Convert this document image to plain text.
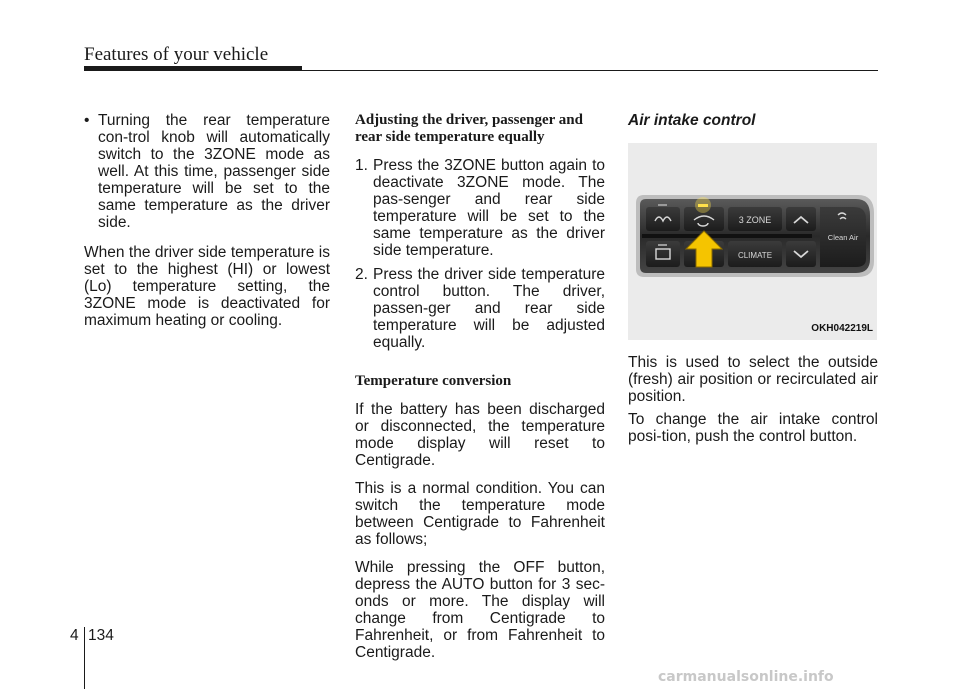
Features of your vehicle

• Turning the rear temperature con-trol knob will automatically switch to the 3ZONE mode as well. At this time, passenger side temperature will be set to the same temperature as the driver side.

When the driver side temperature is set to the highest (HI) or lowest (Lo) temperature setting, the 3ZONE mode is deactivated for maximum heating or cooling.

Adjusting the driver, passenger and rear side temperature equally

1. Press the 3ZONE button again to deactivate 3ZONE mode. The pas-senger and rear side temperature will be set to the same temperature as the driver side temperature.

2. Press the driver side temperature control button. The driver, passen-ger and rear side temperature will be adjusted equally.

Temperature conversion

If the battery has been discharged or disconnected, the temperature mode display will reset to Centigrade.

This is a normal condition. You can switch the temperature mode between Centigrade to Fahrenheit as follows;

While pressing the OFF button, depress the AUTO button for 3 sec-onds or more. The display will change from Centigrade to Fahrenheit, or from Fahrenheit to Centigrade.

Air intake control

3 ZONE
CLIMATE
Clean Air
OKH042219L

This is used to select the outside (fresh) air position or recirculated air position.

To change the air intake control posi-tion, push the control button.

4 134
carmanualsonline.info
